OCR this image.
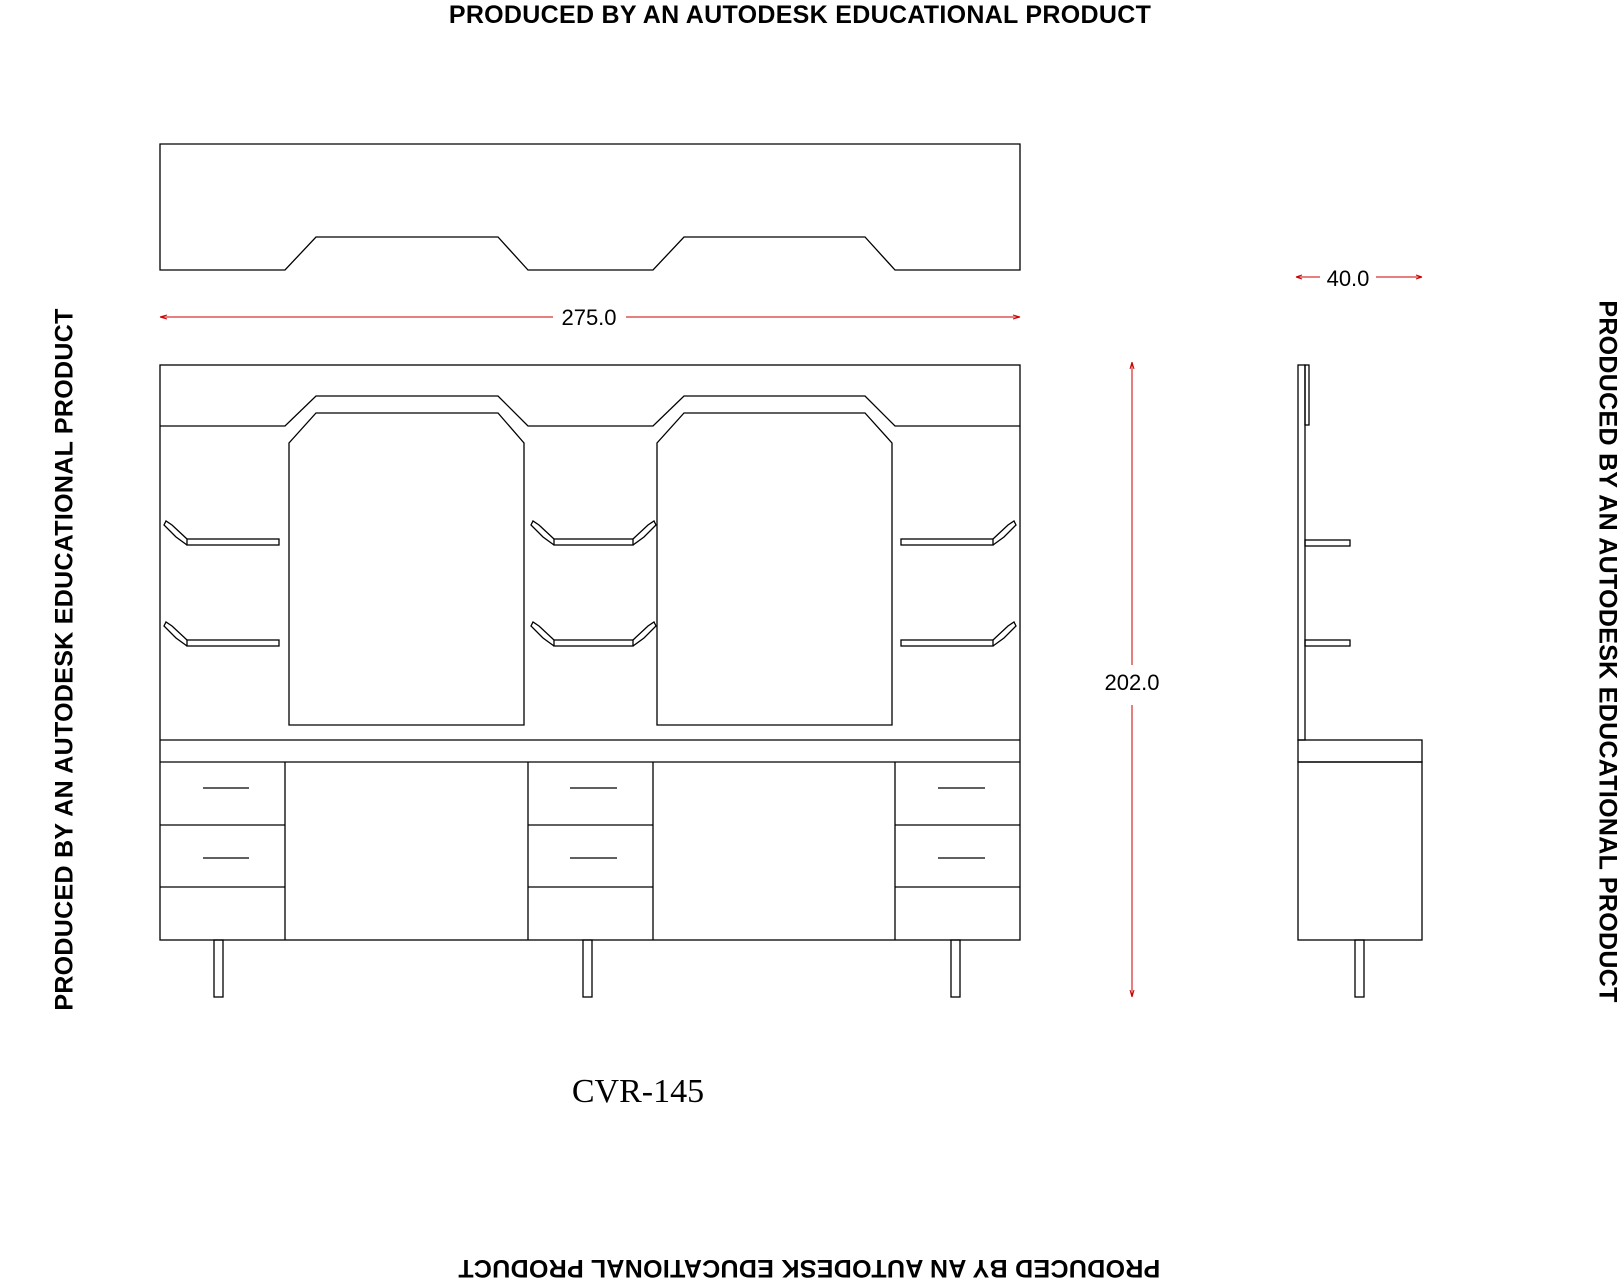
PRODUCED BY AN AUTODESK EDUCATIONAL PRODUCT
PRODUCED BY AN AUTODESK EDUCATIONAL PRODUCT
PRODUCED BY AN AUTODESK EDUCATIONAL PRODUCT	PRODUCED BY AN AUTODESK EDUCATIONAL PRODUCT
275.0
202.0
40.0
CVR-145
